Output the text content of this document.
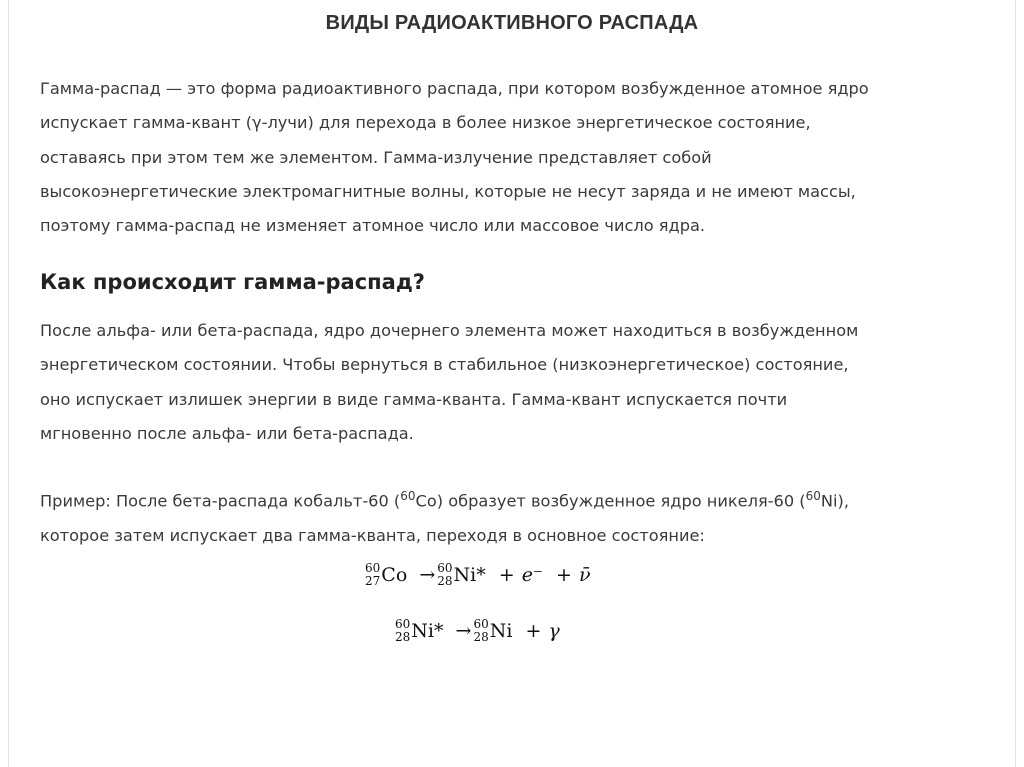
ВИДЫ РАДИОАКТИВНОГО РАСПАДА
Гамма-распад — это форма радиоактивного распада, при котором возбужденное атомное ядро
испускает гамма-квант (γ-лучи) для перехода в более низкое энергетическое состояние,
оставаясь при этом тем же элементом. Гамма-излучение представляет собой
высокоэнергетические электромагнитные волны, которые не несут заряда и не имеют массы,
поэтому гамма-распад не изменяет атомное число или массовое число ядра.
Как происходит гамма-распад?
После альфа- или бета-распада, ядро дочернего элемента может находиться в возбужденном
энергетическом состоянии. Чтобы вернуться в стабильное (низкоэнергетическое) состояние,
оно испускает излишек энергии в виде гамма-кванта. Гамма-квант испускается почти
мгновенно после альфа- или бета-распада.
Пример: После бета-распада кобальт-60 ($^{60}$Co) образует возбужденное ядро никеля-60 ($^{60}$Ni),
которое затем испускает два гамма-кванта, переходя в основное состояние:
60
27 Co → 60
28 Ni* + e⁻ + ν̄
60
28 Ni* → 60
28 Ni + γ
